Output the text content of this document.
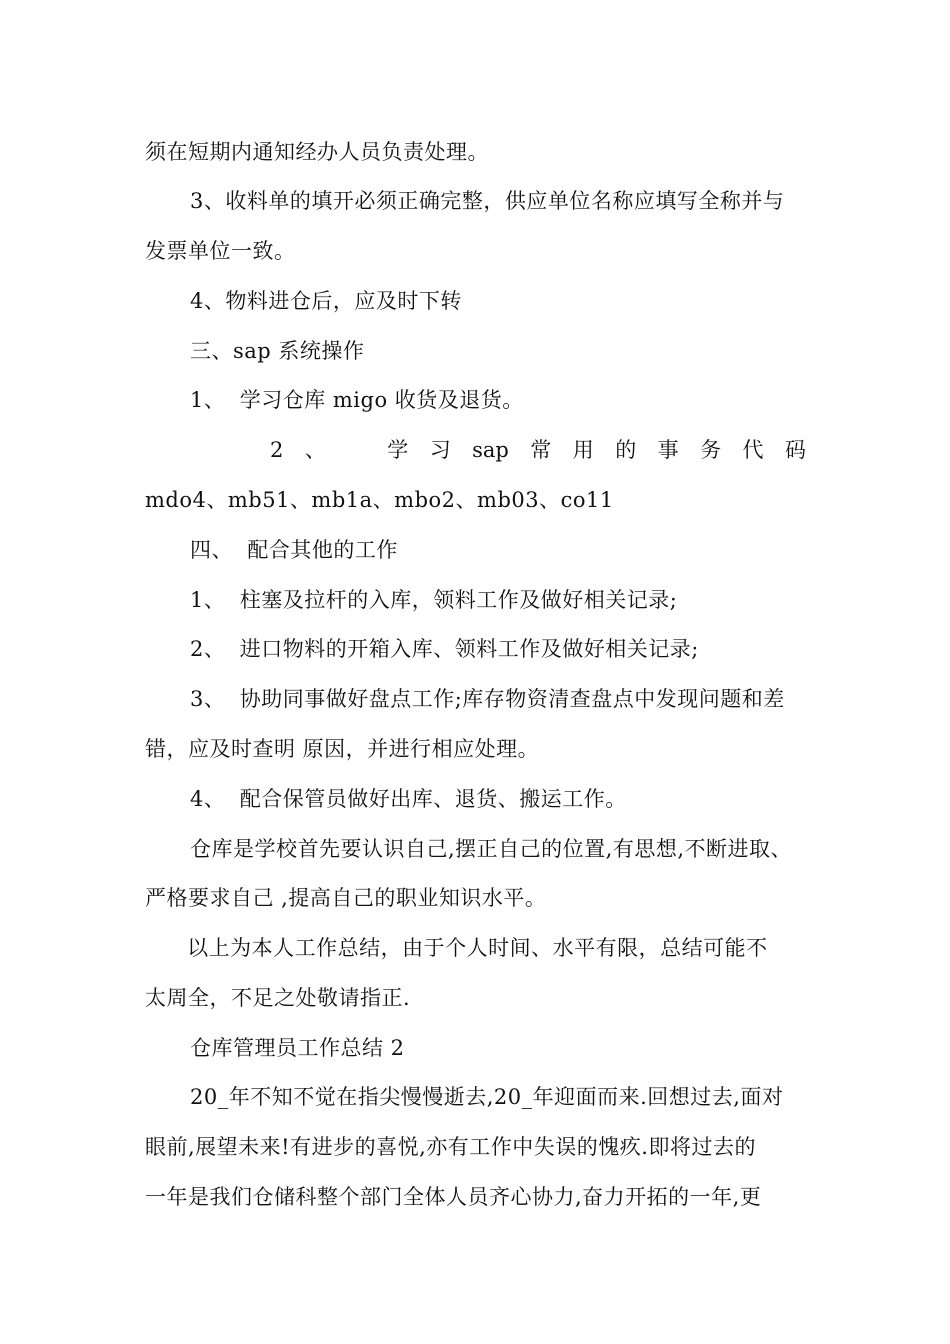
须在短期内通知经办人员负责处理。
3、收料单的填开必须正确完整，供应单位名称应填写全称并与
发票单位一致。
4、物料进仓后，应及时下转
三、sap 系统操作
1、  学习仓库 migo 收货及退货。
2 、	学 习 sap 常 用 的 事 务 代 码
mdo4、mb51、mb1a、mbo2、mb03、co11
四、  配合其他的工作
1、  柱塞及拉杆的入库，领料工作及做好相关记录;
2、  进口物料的开箱入库、领料工作及做好相关记录;
3、  协助同事做好盘点工作;库存物资清查盘点中发现问题和差
错，应及时查明 原因，并进行相应处理。
4、  配合保管员做好出库、退货、搬运工作。
仓库是学校首先要认识自己,摆正自己的位置,有思想,不断进取、
严格要求自己 ,提高自己的职业知识水平。
以上为本人工作总结，由于个人时间、水平有限，总结可能不
太周全，不足之处敬请指正.
仓库管理员工作总结 2
20_年不知不觉在指尖慢慢逝去,20_年迎面而来.回想过去,面对
眼前,展望未来!有进步的喜悦,亦有工作中失误的愧疚.即将过去的
一年是我们仓储科整个部门全体人员齐心协力,奋力开拓的一年,更
